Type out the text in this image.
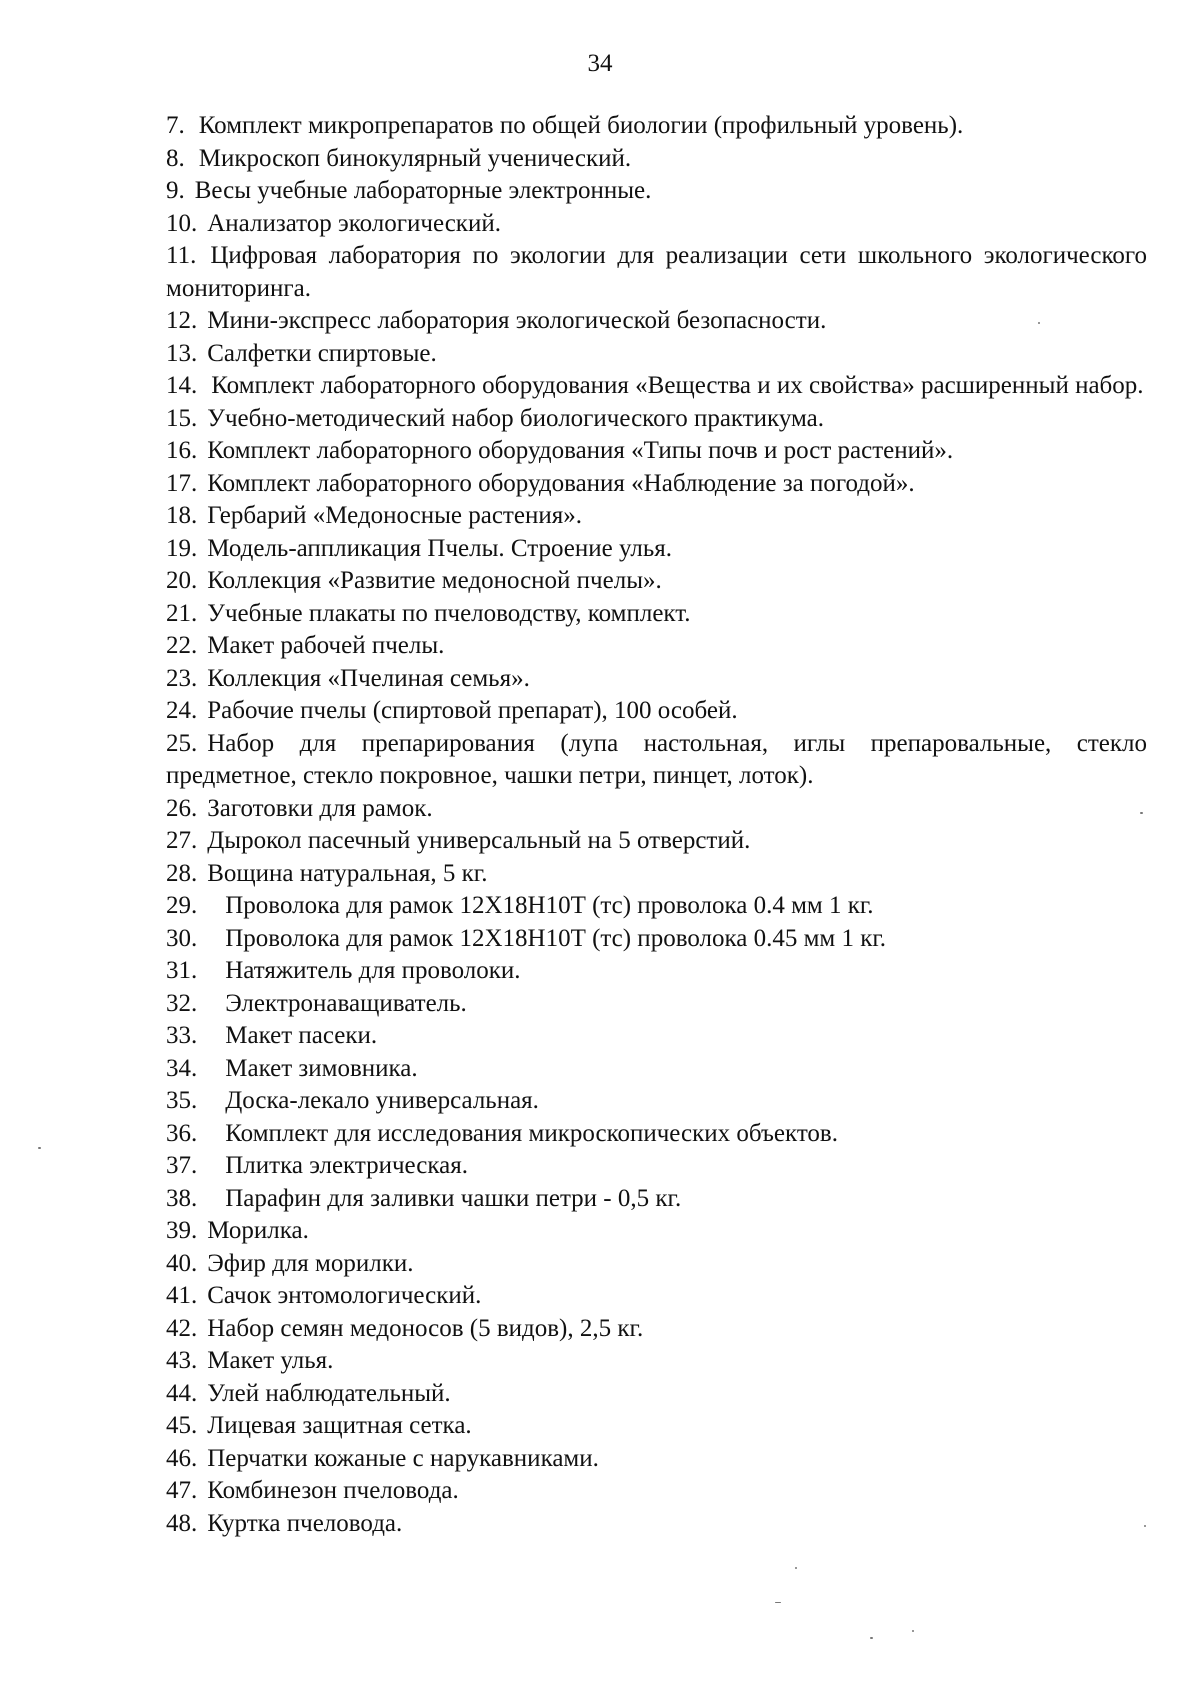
34
7. Комплект микропрепаратов по общей биологии (профильный уровень).
8. Микроскоп бинокулярный ученический.
9. Весы учебные лабораторные электронные.
10. Анализатор экологический.
11. Цифровая лаборатория по экологии для реализации сети школьного экологического мониторинга.
12. Мини-экспресс лаборатория экологической безопасности.
13. Салфетки спиртовые.
14. Комплект лабораторного оборудования «Вещества и их свойства» расширенный набор.
15. Учебно-методический набор биологического практикума.
16. Комплект лабораторного оборудования «Типы почв и рост растений».
17. Комплект лабораторного оборудования «Наблюдение за погодой».
18. Гербарий «Медоносные растения».
19. Модель-аппликация Пчелы. Строение улья.
20. Коллекция «Развитие медоносной пчелы».
21. Учебные плакаты по пчеловодству, комплект.
22. Макет рабочей пчелы.
23. Коллекция «Пчелиная семья».
24. Рабочие пчелы (спиртовой препарат), 100 особей.
25. Набор для препарирования (лупа настольная, иглы препаровальные, стекло предметное, стекло покровное, чашки петри, пинцет, лоток).
26. Заготовки для рамок.
27. Дырокол пасечный универсальный на 5 отверстий.
28. Вощина натуральная, 5 кг.
29. Проволока для рамок 12Х18Н10Т (тс) проволока 0.4 мм 1 кг.
30. Проволока для рамок 12Х18Н10Т (тс) проволока 0.45 мм 1 кг.
31. Натяжитель для проволоки.
32. Электронаващиватель.
33. Макет пасеки.
34. Макет зимовника.
35. Доска-лекало универсальная.
36. Комплект для исследования микроскопических объектов.
37. Плитка электрическая.
38. Парафин для заливки чашки петри - 0,5 кг.
39. Морилка.
40. Эфир для морилки.
41. Сачок энтомологический.
42. Набор семян медоносов (5 видов), 2,5 кг.
43. Макет улья.
44. Улей наблюдательный.
45. Лицевая защитная сетка.
46. Перчатки кожаные с нарукавниками.
47. Комбинезон пчеловода.
48. Куртка пчеловода.
